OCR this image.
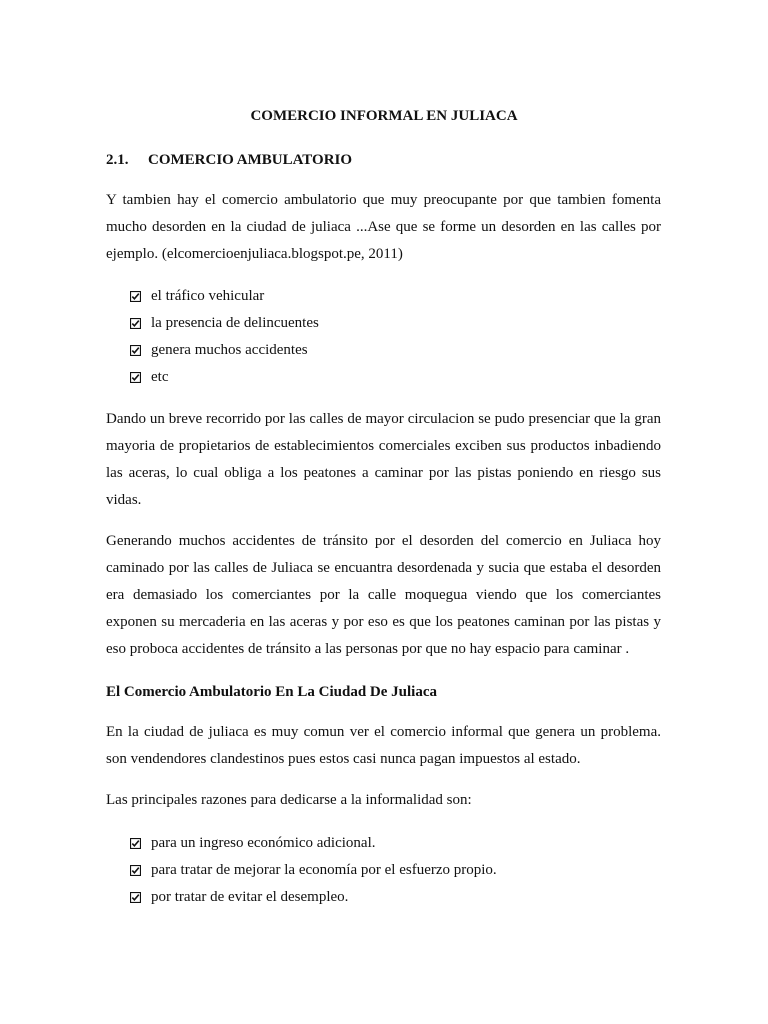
COMERCIO INFORMAL EN JULIACA
2.1. COMERCIO AMBULATORIO

Y tambien hay el comercio ambulatorio que muy preocupante por que tambien fomenta mucho desorden en la ciudad de juliaca ...Ase que se forme un desorden en las calles por ejemplo. (elcomercioenjuliaca.blogspot.pe, 2011)

el tráfico vehicular
la presencia de delincuentes
genera muchos accidentes
etc

Dando un breve recorrido por las calles de mayor circulacion se pudo presenciar que la gran mayoria de propietarios de establecimientos comerciales exciben sus productos inbadiendo las aceras, lo cual obliga a los peatones a caminar por las pistas poniendo en riesgo sus vidas.

Generando muchos accidentes de tránsito por el desorden del comercio en Juliaca hoy caminado por las calles de Juliaca se encuantra desordenada y sucia que estaba el desorden era demasiado los comerciantes por la calle moquegua viendo que los comerciantes exponen su mercaderia en las aceras y por eso es que los peatones caminan por las pistas y eso proboca accidentes de tránsito a las personas por que no hay espacio para caminar .

El Comercio Ambulatorio En La Ciudad De Juliaca

En la ciudad de juliaca es muy comun ver el comercio informal que genera un problema. son vendendores clandestinos pues estos casi nunca pagan impuestos al estado.

Las principales razones para dedicarse a la informalidad son:

para un ingreso económico adicional.
para tratar de mejorar la economía por el esfuerzo propio.
por tratar de evitar el desempleo.
